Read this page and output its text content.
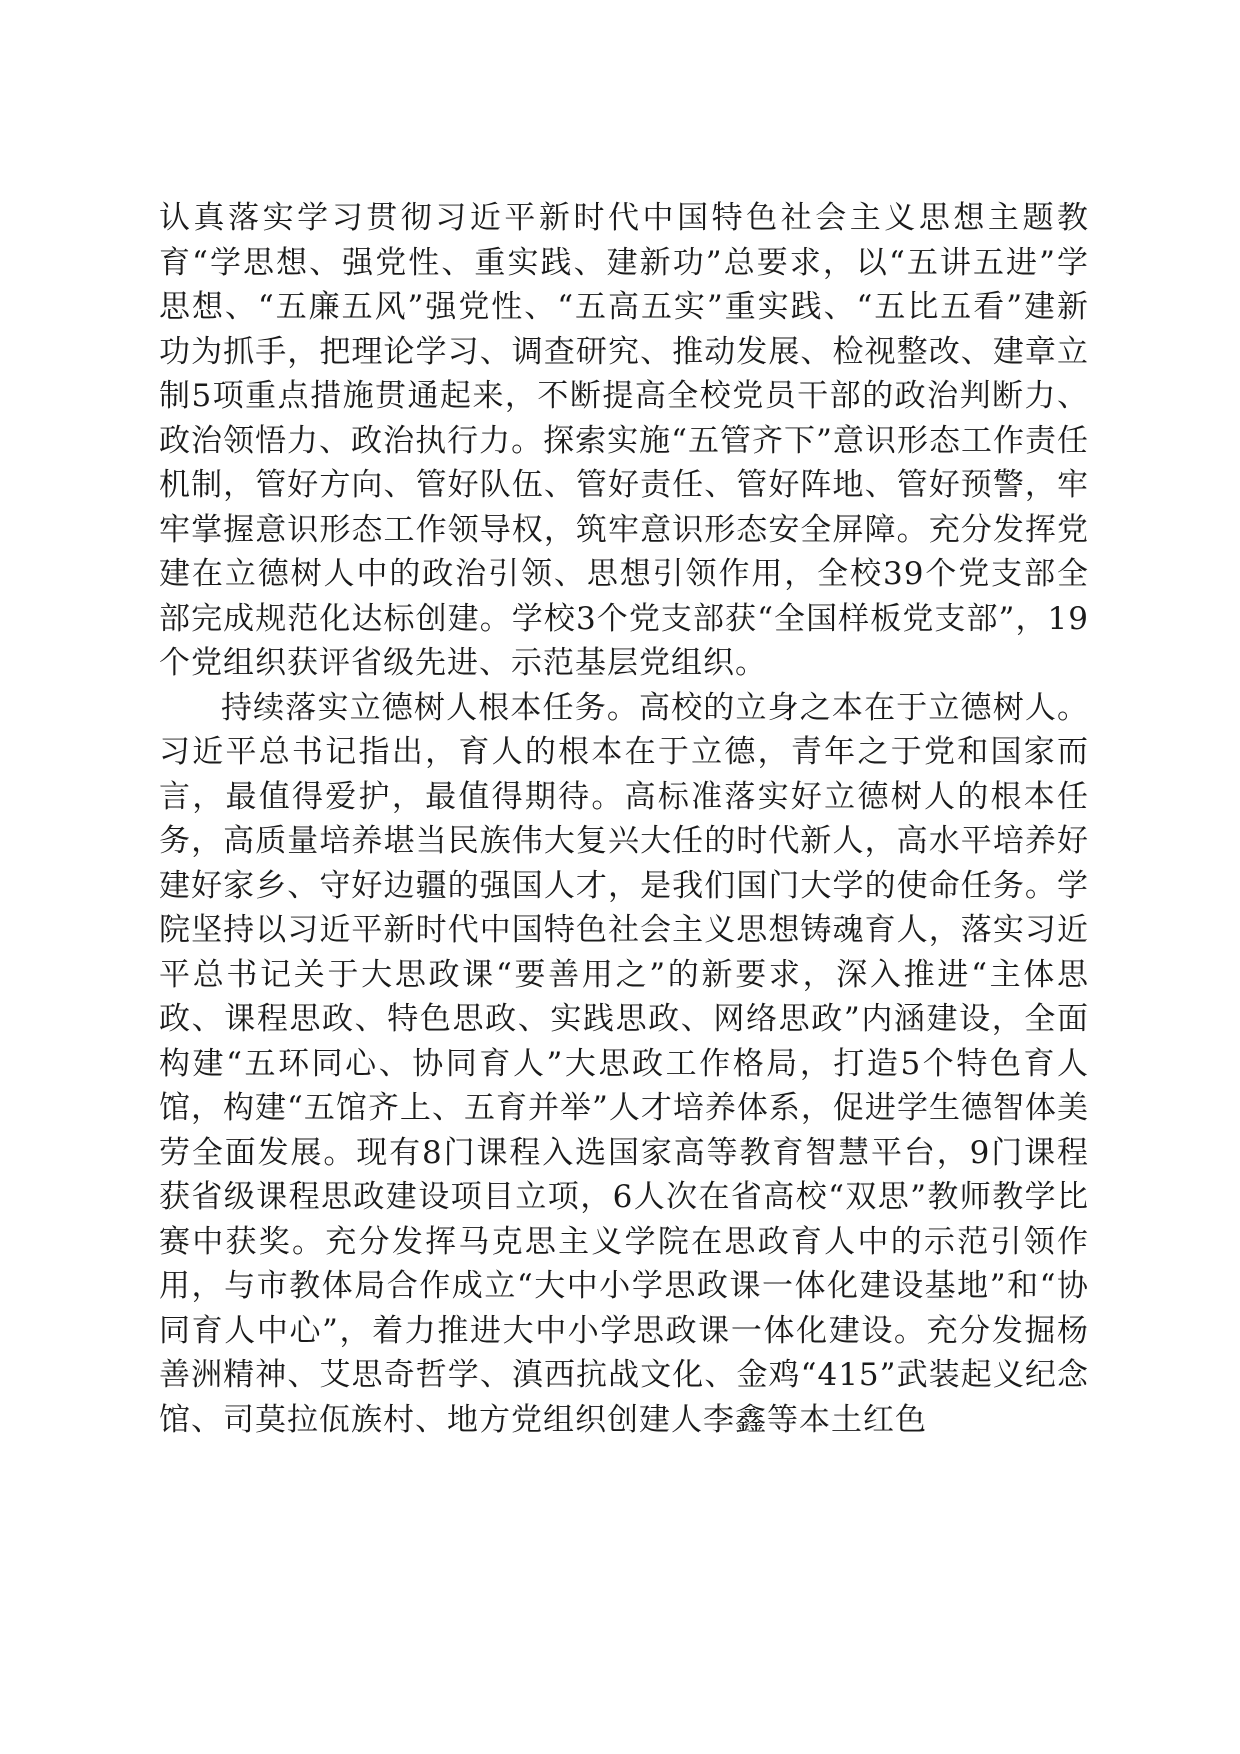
认真落实学习贯彻习近平新时代中国特色社会主义思想主题教育“学思想、强党性、重实践、建新功”总要求，以“五讲五进”学思想、“五廉五风”强党性、“五高五实”重实践、“五比五看”建新功为抓手，把理论学习、调查研究、推动发展、检视整改、建章立制5项重点措施贯通起来，不断提高全校党员干部的政治判断力、政治领悟力、政治执行力。探索实施“五管齐下”意识形态工作责任机制，管好方向、管好队伍、管好责任、管好阵地、管好预警，牢牢掌握意识形态工作领导权，筑牢意识形态安全屏障。充分发挥党建在立德树人中的政治引领、思想引领作用，全校39个党支部全部完成规范化达标创建。学校3个党支部获“全国样板党支部”，19个党组织获评省级先进、示范基层党组织。

持续落实立德树人根本任务。高校的立身之本在于立德树人。习近平总书记指出，育人的根本在于立德，青年之于党和国家而言，最值得爱护，最值得期待。高标准落实好立德树人的根本任务，高质量培养堪当民族伟大复兴大任的时代新人，高水平培养好建好家乡、守好边疆的强国人才，是我们国门大学的使命任务。学院坚持以习近平新时代中国特色社会主义思想铸魂育人，落实习近平总书记关于大思政课“要善用之”的新要求，深入推进“主体思政、课程思政、特色思政、实践思政、网络思政”内涵建设，全面构建“五环同心、协同育人”大思政工作格局，打造5个特色育人馆，构建“五馆齐上、五育并举”人才培养体系，促进学生德智体美劳全面发展。现有8门课程入选国家高等教育智慧平台，9门课程获省级课程思政建设项目立项，6人次在省高校“双思”教师教学比赛中获奖。充分发挥马克思主义学院在思政育人中的示范引领作用，与市教体局合作成立“大中小学思政课一体化建设基地”和“协同育人中心”，着力推进大中小学思政课一体化建设。充分发掘杨善洲精神、艾思奇哲学、滇西抗战文化、金鸡“415”武装起义纪念馆、司莫拉佤族村、地方党组织创建人李鑫等本土红色
